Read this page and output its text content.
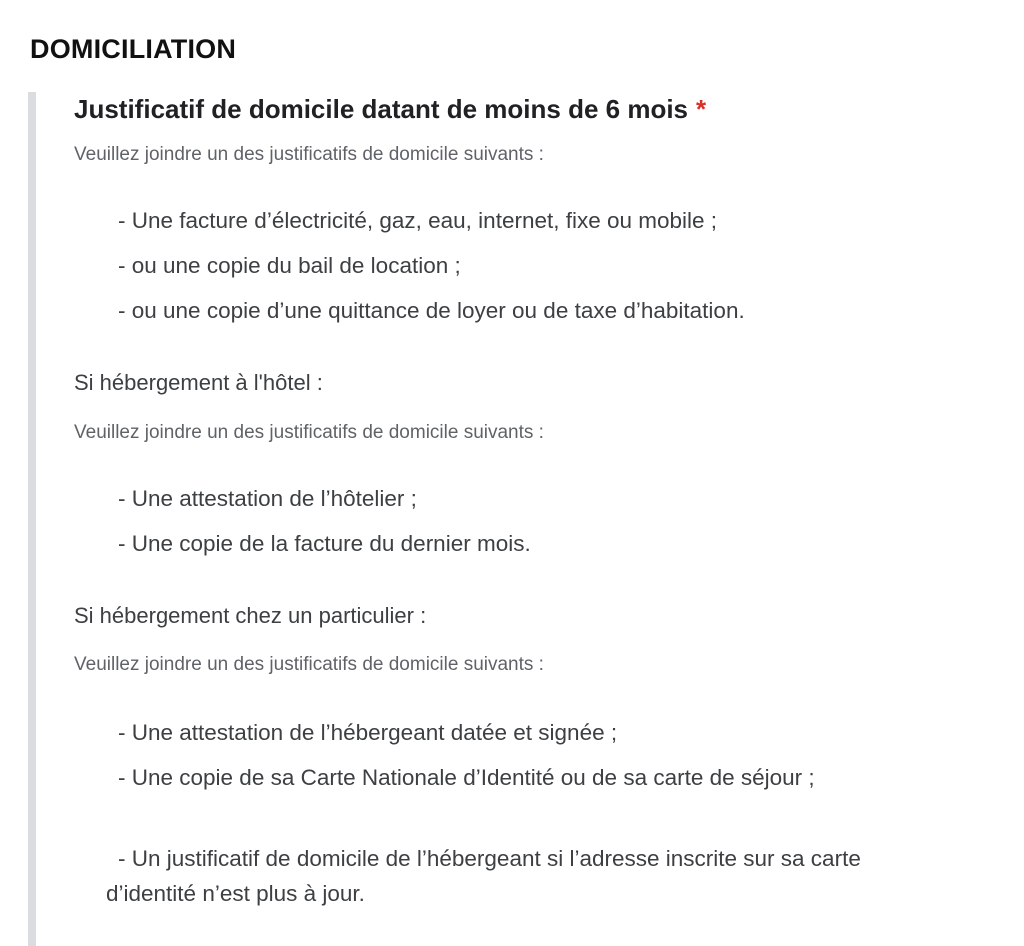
DOMICILIATION
Justificatif de domicile datant de moins de 6 mois *
Veuillez joindre un des justificatifs de domicile suivants :
- Une facture d’électricité, gaz, eau, internet, fixe ou mobile ;
- ou une copie du bail de location ;
- ou une copie d’une quittance de loyer ou de taxe d’habitation.
Si hébergement à l'hôtel :
Veuillez joindre un des justificatifs de domicile suivants :
- Une attestation de l’hôtelier ;
- Une copie de la facture du dernier mois.
Si hébergement chez un particulier :
Veuillez joindre un des justificatifs de domicile suivants :
- Une attestation de l’hébergeant datée et signée ;
- Une copie de sa Carte Nationale d’Identité ou de sa carte de séjour ;
- Un justificatif de domicile de l’hébergeant si l’adresse inscrite sur sa carte d’identité n’est plus à jour.
